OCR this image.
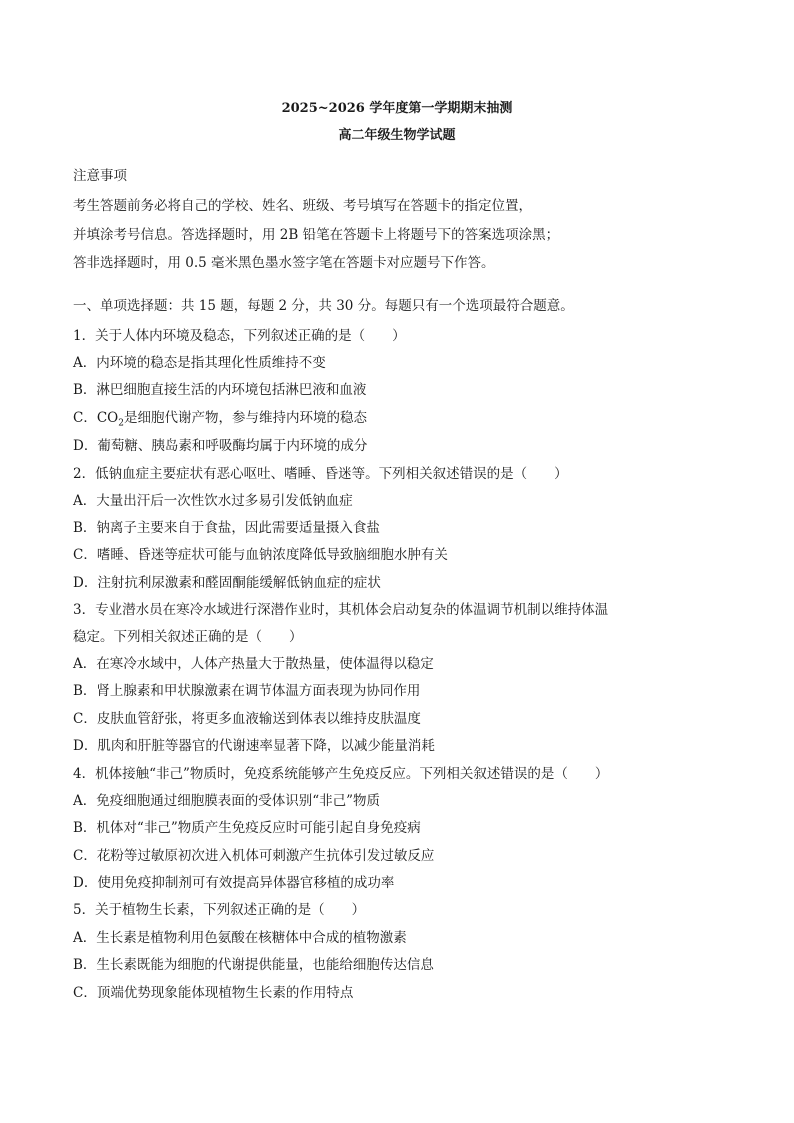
2025~2026 学年度第一学期期末抽测
高二年级生物学试题
注意事项
考生答题前务必将自己的学校、姓名、班级、考号填写在答题卡的指定位置，
并填涂考号信息。答选择题时，用 2B 铅笔在答题卡上将题号下的答案选项涂黑；
答非选择题时，用 0.5 毫米黑色墨水签字笔在答题卡对应题号下作答。
一、单项选择题：共 15 题，每题 2 分，共 30 分。每题只有一个选项最符合题意。
1．关于人体内环境及稳态，下列叙述正确的是（　　）
A．内环境的稳态是指其理化性质维持不变
B．淋巴细胞直接生活的内环境包括淋巴液和血液
C．$CO_2$是细胞代谢产物，参与维持内环境的稳态
D．葡萄糖、胰岛素和呼吸酶均属于内环境的成分
2．低钠血症主要症状有恶心呕吐、嗜睡、昏迷等。下列相关叙述错误的是（　　）
A．大量出汗后一次性饮水过多易引发低钠血症
B．钠离子主要来自于食盐，因此需要适量摄入食盐
C．嗜睡、昏迷等症状可能与血钠浓度降低导致脑细胞水肿有关
D．注射抗利尿激素和醛固酮能缓解低钠血症的症状
3．专业潜水员在寒冷水域进行深潜作业时，其机体会启动复杂的体温调节机制以维持体温
稳定。下列相关叙述正确的是（　　）
A．在寒冷水域中，人体产热量大于散热量，使体温得以稳定
B．肾上腺素和甲状腺激素在调节体温方面表现为协同作用
C．皮肤血管舒张，将更多血液输送到体表以维持皮肤温度
D．肌肉和肝脏等器官的代谢速率显著下降，以减少能量消耗
4．机体接触“非己”物质时，免疫系统能够产生免疫反应。下列相关叙述错误的是（　　）
A．免疫细胞通过细胞膜表面的受体识别“非己”物质
B．机体对“非己”物质产生免疫反应时可能引起自身免疫病
C．花粉等过敏原初次进入机体可刺激产生抗体引发过敏反应
D．使用免疫抑制剂可有效提高异体器官移植的成功率
5．关于植物生长素，下列叙述正确的是（　　）
A．生长素是植物利用色氨酸在核糖体中合成的植物激素
B．生长素既能为细胞的代谢提供能量，也能给细胞传达信息
C．顶端优势现象能体现植物生长素的作用特点
